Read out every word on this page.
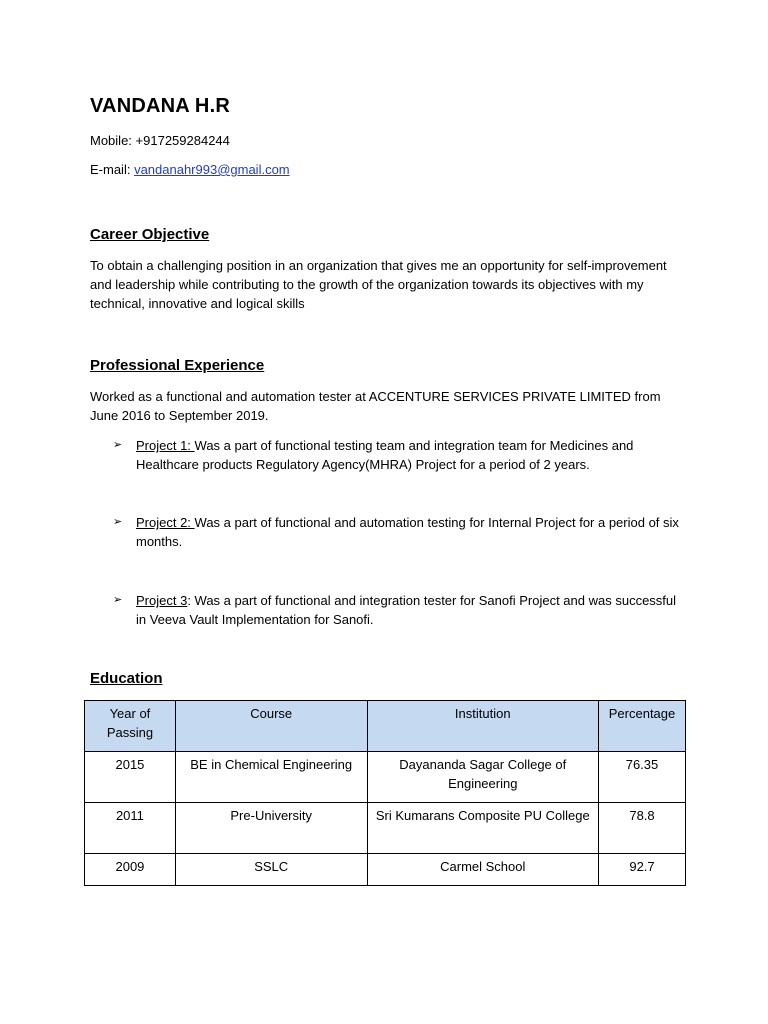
VANDANA H.R
Mobile: +917259284244
E-mail: vandanahr993@gmail.com
Career Objective
To obtain a challenging position in an organization that gives me an opportunity for self-improvement and leadership while contributing to the growth of the organization towards its objectives with my technical, innovative and logical skills
Professional Experience
Worked as a functional and automation tester at ACCENTURE SERVICES PRIVATE LIMITED from June 2016 to September 2019.
➢	Project 1: Was a part of functional testing team and integration team for Medicines and Healthcare products Regulatory Agency(MHRA) Project for a period of 2 years.
➢	Project 2: Was a part of functional and automation testing for Internal Project for a period of six months.
➢	Project 3: Was a part of functional and integration tester for Sanofi Project and was successful in Veeva Vault Implementation for Sanofi.
Education
Year of Passing	Course	Institution	Percentage
2015	BE in Chemical Engineering	Dayananda Sagar College of Engineering	76.35
2011	Pre-University	Sri Kumarans Composite PU College	78.8
2009	SSLC	Carmel School	92.7
